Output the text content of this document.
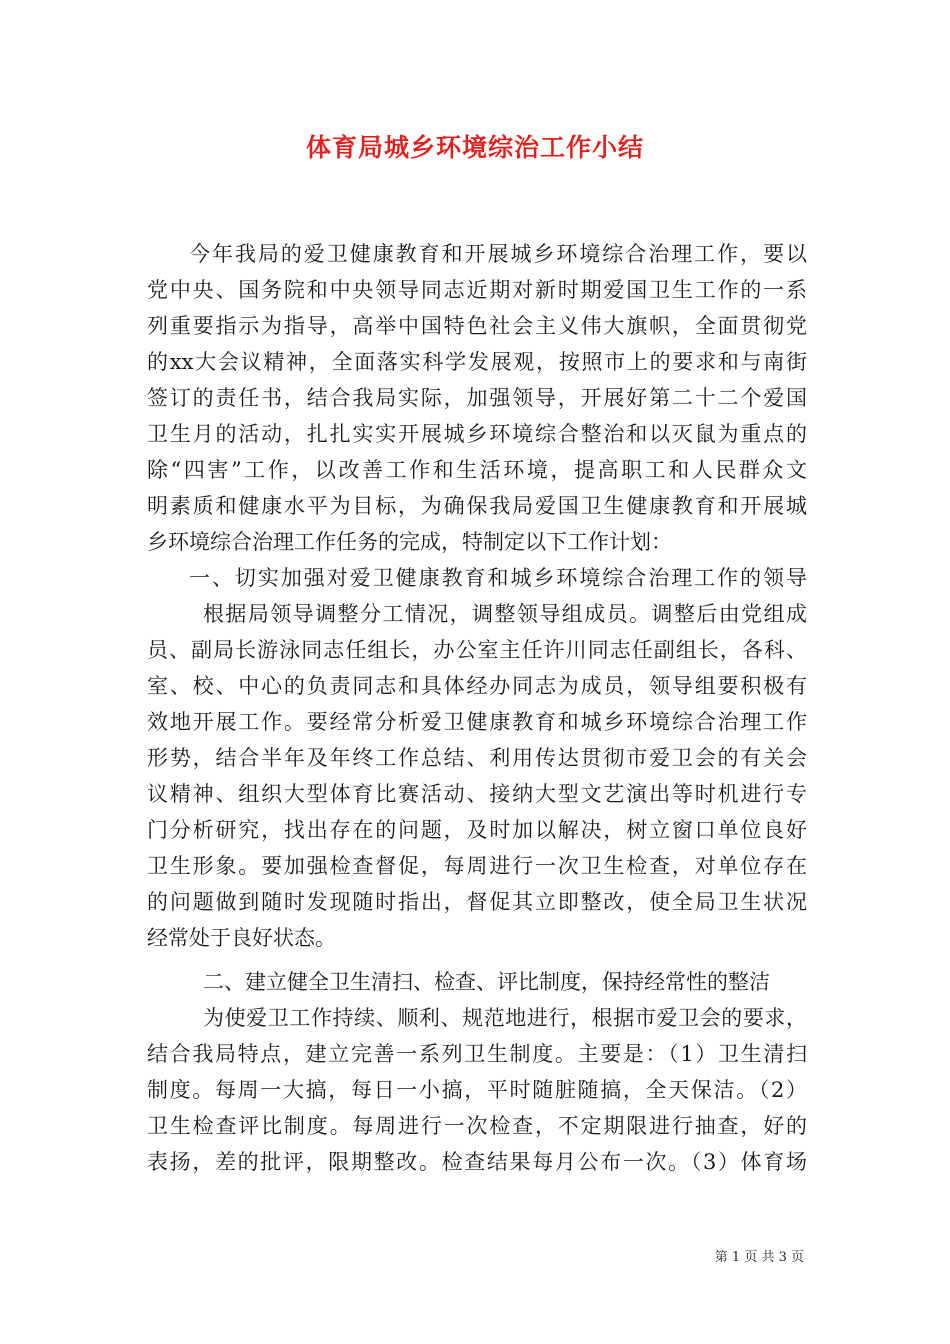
体育局城乡环境综治工作小结
今年我局的爱卫健康教育和开展城乡环境综合治理工作，要以
党中央、国务院和中央领导同志近期对新时期爱国卫生工作的一系
列重要指示为指导，高举中国特色社会主义伟大旗帜，全面贯彻党
的xx大会议精神，全面落实科学发展观，按照市上的要求和与南街
签订的责任书，结合我局实际，加强领导，开展好第二十二个爱国
卫生月的活动，扎扎实实开展城乡环境综合整治和以灭鼠为重点的
除“四害”工作，以改善工作和生活环境，提高职工和人民群众文
明素质和健康水平为目标，为确保我局爱国卫生健康教育和开展城
乡环境综合治理工作任务的完成，特制定以下工作计划：
一、切实加强对爱卫健康教育和城乡环境综合治理工作的领导
根据局领导调整分工情况，调整领导组成员。调整后由党组成
员、副局长游泳同志任组长，办公室主任许川同志任副组长，各科、
室、校、中心的负责同志和具体经办同志为成员，领导组要积极有
效地开展工作。要经常分析爱卫健康教育和城乡环境综合治理工作
形势，结合半年及年终工作总结、利用传达贯彻市爱卫会的有关会
议精神、组织大型体育比赛活动、接纳大型文艺演出等时机进行专
门分析研究，找出存在的问题，及时加以解决，树立窗口单位良好
卫生形象。要加强检查督促，每周进行一次卫生检查，对单位存在
的问题做到随时发现随时指出，督促其立即整改，使全局卫生状况
经常处于良好状态。
二、建立健全卫生清扫、检查、评比制度，保持经常性的整洁
为使爱卫工作持续、顺利、规范地进行，根据市爱卫会的要求，
结合我局特点，建立完善一系列卫生制度。主要是：（1）卫生清扫
制度。每周一大搞，每日一小搞，平时随脏随搞，全天保洁。（2）
卫生检查评比制度。每周进行一次检查，不定期限进行抽查，好的
表扬，差的批评，限期整改。检查结果每月公布一次。（3）体育场
第 1 页 共 3 页
